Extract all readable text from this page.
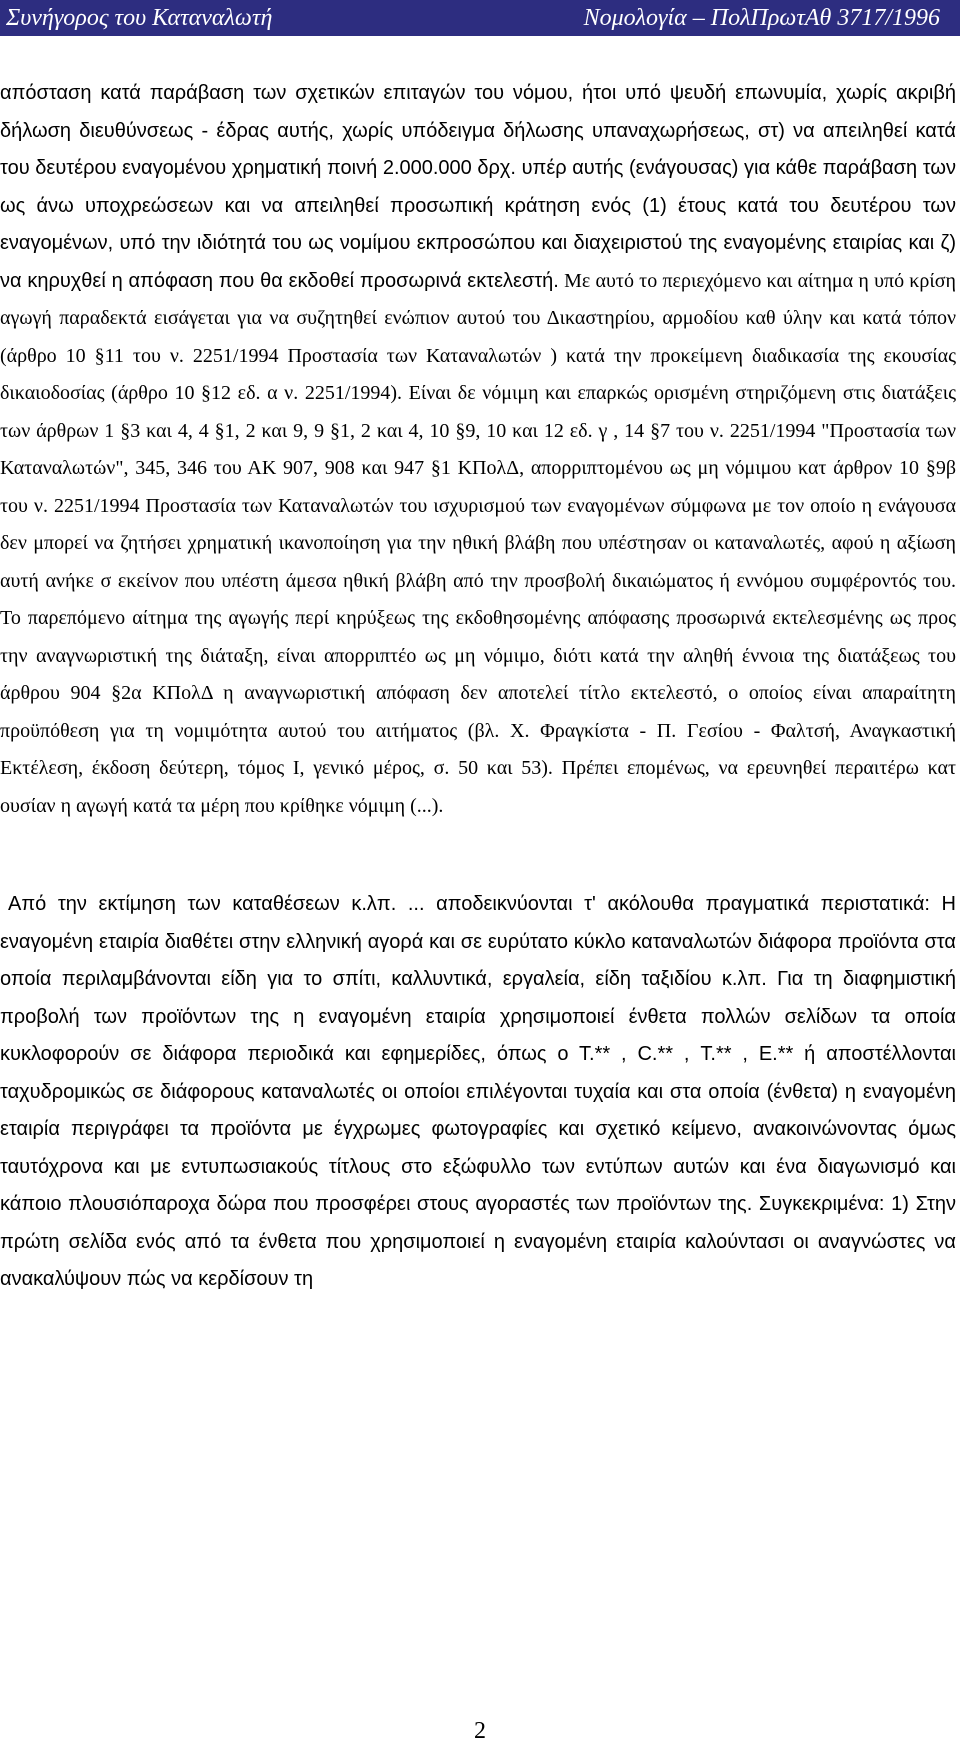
Συνήγορος του Καταναλωτή	Νομολογία – ΠολΠρωτΑθ 3717/1996

απόσταση κατά παράβαση των σχετικών επιταγών του νόμου, ήτοι υπό ψευδή επωνυμία, χωρίς ακριβή δήλωση διευθύνσεως - έδρας αυτής, χωρίς υπόδειγμα δήλωσης υπαναχωρήσεως, στ) να απειληθεί κατά του δευτέρου εναγομένου χρηματική ποινή 2.000.000 δρχ. υπέρ αυτής (ενάγουσας) για κάθε παράβαση των ως άνω υποχρεώσεων και να απειληθεί προσωπική κράτηση ενός (1) έτους κατά του δευτέρου των εναγομένων, υπό την ιδιότητά του ως νομίμου εκπροσώπου και διαχειριστού της εναγομένης εταιρίας και ζ) να κηρυχθεί η απόφαση που θα εκδοθεί προσωρινά εκτελεστή. Με αυτό το περιεχόμενο και αίτημα η υπό κρίση αγωγή παραδεκτά εισάγεται για να συζητηθεί ενώπιον αυτού του Δικαστηρίου, αρμοδίου καθ ύλην και κατά τόπον (άρθρο 10 §11 του ν. 2251/1994 Προστασία των Καταναλωτών ) κατά την προκείμενη διαδικασία της εκουσίας δικαιοδοσίας (άρθρο 10 §12 εδ. α ν. 2251/1994). Είναι δε νόμιμη και επαρκώς ορισμένη στηριζόμενη στις διατάξεις των άρθρων 1 §3 και 4, 4 §1, 2 και 9, 9 §1, 2 και 4, 10 §9, 10 και 12 εδ. γ , 14 §7 του ν. 2251/1994 "Προστασία των Καταναλωτών", 345, 346 του ΑΚ 907, 908 και 947 §1 ΚΠολΔ, απορριπτομένου ως μη νόμιμου κατ άρθρον 10 §9β του ν. 2251/1994 Προστασία των Καταναλωτών του ισχυρισμού των εναγομένων σύμφωνα με τον οποίο η ενάγουσα δεν μπορεί να ζητήσει χρηματική ικανοποίηση για την ηθική βλάβη που υπέστησαν οι καταναλωτές, αφού η αξίωση αυτή ανήκε σ εκείνον που υπέστη άμεσα ηθική βλάβη από την προσβολή δικαιώματος ή εννόμου συμφέροντός του. Το παρεπόμενο αίτημα της αγωγής περί κηρύξεως της εκδοθησομένης απόφασης προσωρινά εκτελεσμένης ως προς την αναγνωριστική της διάταξη, είναι απορριπτέο ως μη νόμιμο, διότι κατά την αληθή έννοια της διατάξεως του άρθρου 904 §2α ΚΠολΔ η αναγνωριστική απόφαση δεν αποτελεί τίτλο εκτελεστό, ο οποίος είναι απαραίτητη προϋπόθεση για τη νομιμότητα αυτού του αιτήματος (βλ. Χ. Φραγκίστα - Π. Γεσίου - Φαλτσή, Αναγκαστική Εκτέλεση, έκδοση δεύτερη, τόμος Ι, γενικό μέρος, σ. 50 και 53). Πρέπει επομένως, να ερευνηθεί περαιτέρω κατ ουσίαν η αγωγή κατά τα μέρη που κρίθηκε νόμιμη (...).

Από την εκτίμηση των καταθέσεων κ.λπ. ... αποδεικνύονται τ' ακόλουθα πραγματικά περιστατικά: Η εναγομένη εταιρία διαθέτει στην ελληνική αγορά και σε ευρύτατο κύκλο καταναλωτών διάφορα προϊόντα στα οποία περιλαμβάνονται είδη για το σπίτι, καλλυντικά, εργαλεία, είδη ταξιδίου κ.λπ. Για τη διαφημιστική προβολή των προϊόντων της η εναγομένη εταιρία χρησιμοποιεί ένθετα πολλών σελίδων τα οποία κυκλοφορούν σε διάφορα περιοδικά και εφημερίδες, όπως ο Τ.** , C.** , Τ.** , Ε.** ή αποστέλλονται ταχυδρομικώς σε διάφορους καταναλωτές οι οποίοι επιλέγονται τυχαία και στα οποία (ένθετα) η εναγομένη εταιρία περιγράφει τα προϊόντα με έγχρωμες φωτογραφίες και σχετικό κείμενο, ανακοινώνοντας όμως ταυτόχρονα και με εντυπωσιακούς τίτλους στο εξώφυλλο των εντύπων αυτών και ένα διαγωνισμό και κάποιο πλουσιόπαροχα δώρα που προσφέρει στους αγοραστές των προϊόντων της. Συγκεκριμένα: 1) Στην πρώτη σελίδα ενός από τα ένθετα που χρησιμοποιεί η εναγομένη εταιρία καλούντασι οι αναγνώστες να ανακαλύψουν πώς να κερδίσουν τη

2
